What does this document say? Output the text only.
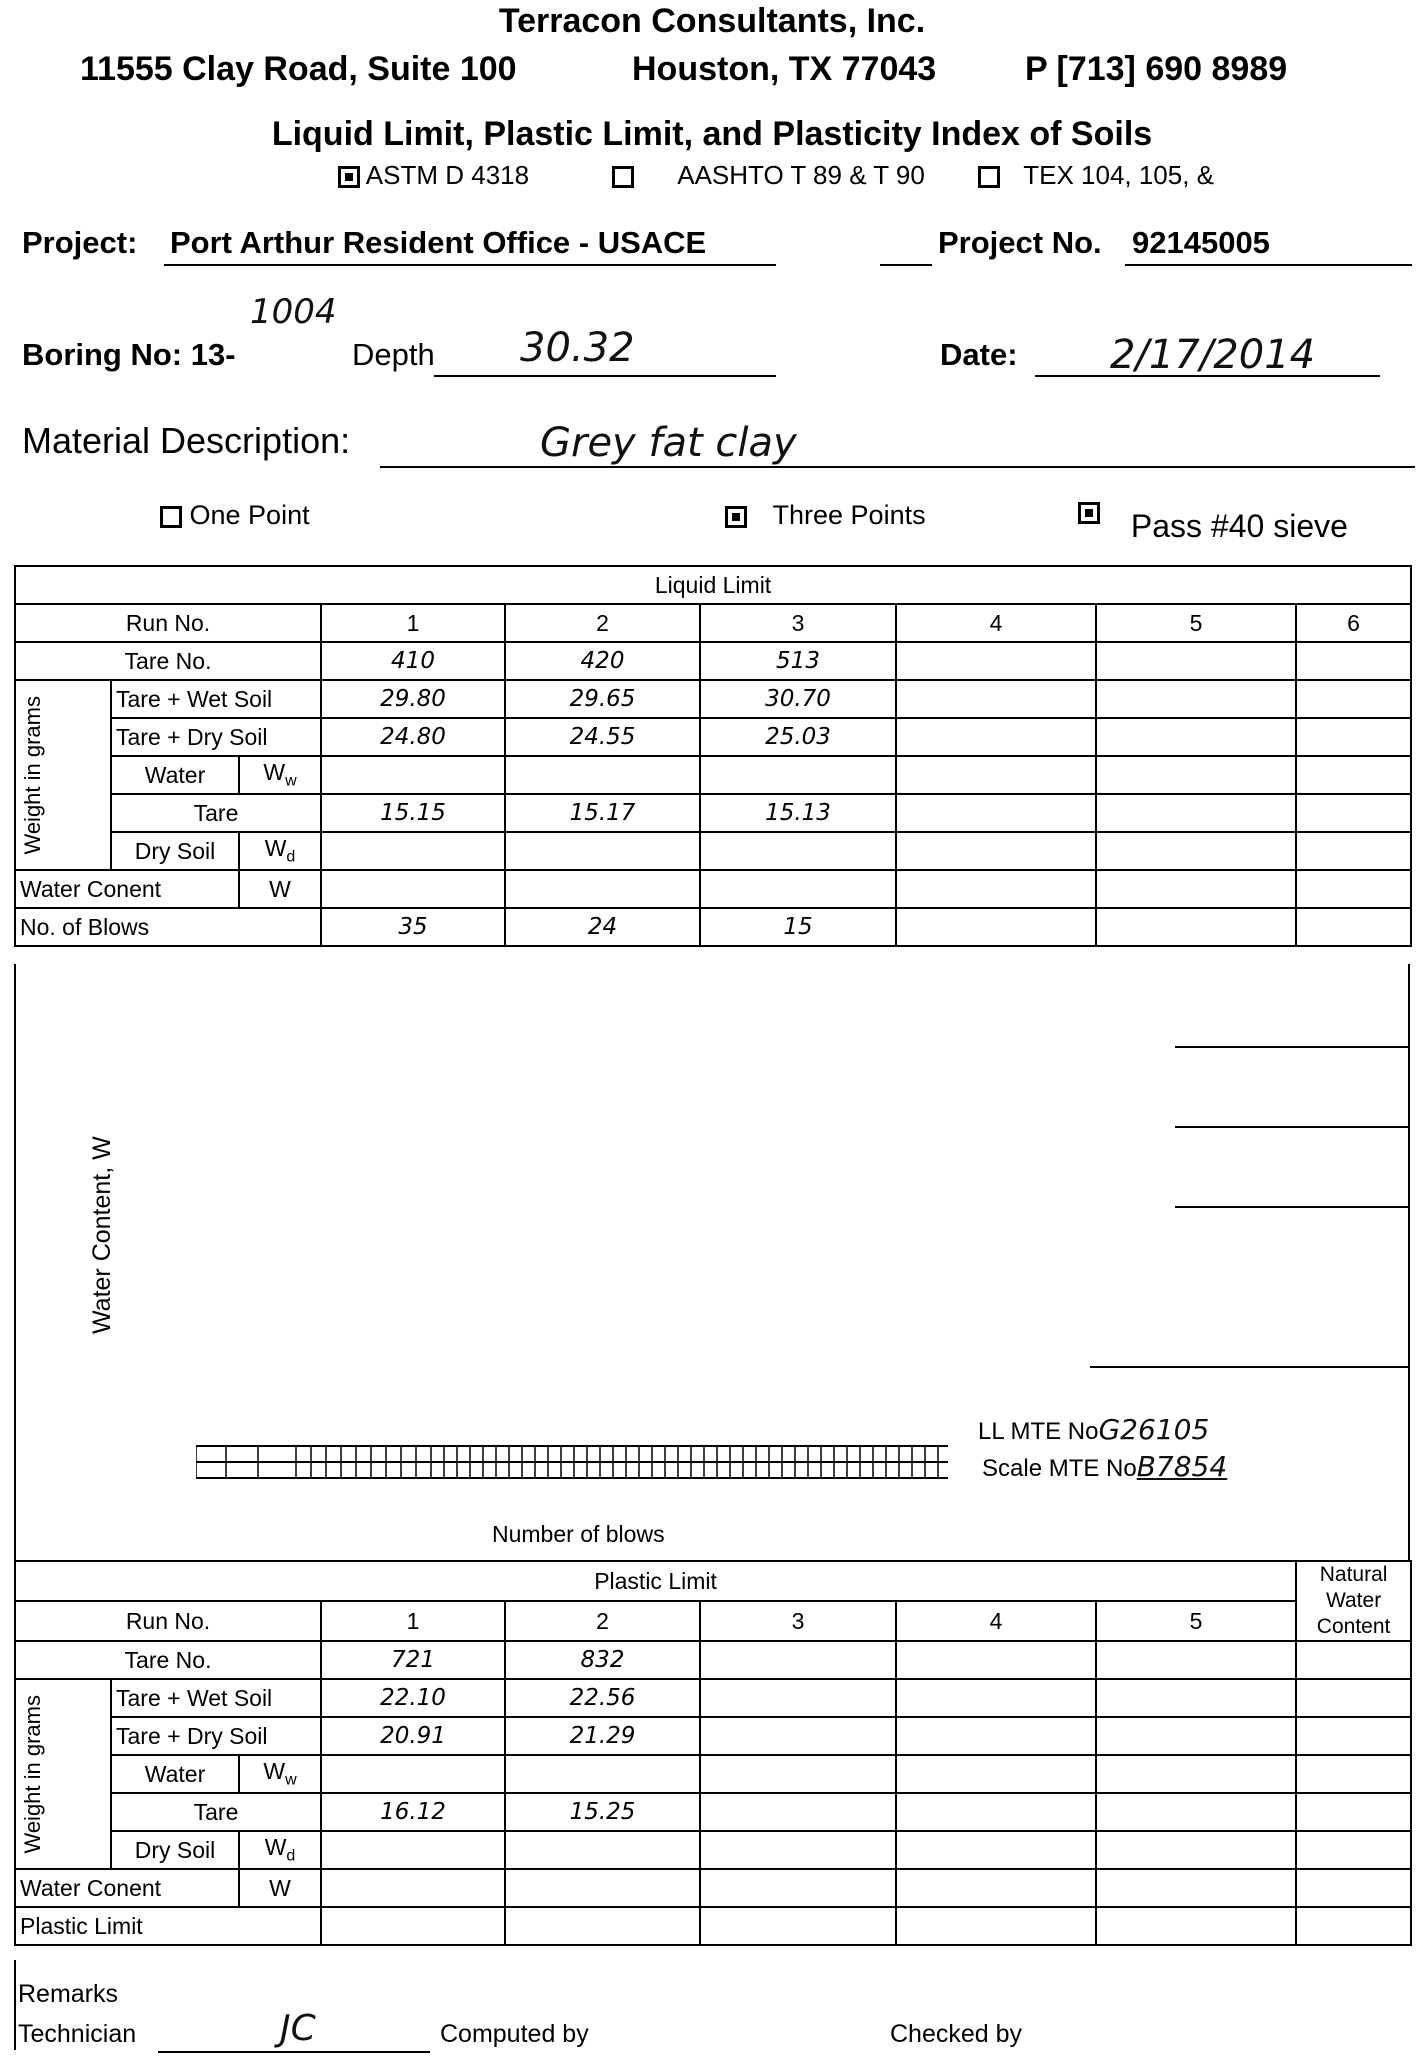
Terracon Consultants, Inc.
11555 Clay Road, Suite 100	Houston, TX 77043	P [713] 690 8989
Liquid Limit, Plastic Limit, and Plasticity Index of Soils
ASTM D 4318	AASHTO T 89 & T 90	TEX 104, 105, &
Project: Port Arthur Resident Office - USACE	Project No. 92145005
Boring No: 13-
1004
Depth 30.32	Date: 2/17/2014
Material Description:	Grey fat clay
One Point	Three Points	Pass #40 sieve
Liquid Limit								
Run No.			1	2	3	4	5	6
Tare No.			410	420	513			

Weight in grams	Tare + Wet Soil		29.80	29.65	30.70			
	Tare + Dry Soil		24.80	24.55	25.03			
	Water	$W_w$						
	Tare		15.15	15.17	15.13			
	Dry Soil	$W_d$						
Water Conent		W						
No. of Blows			35	24	15			
Water Content, W
LL MTE NoG26105
Scale MTE NoB7854
Number of blows
Plastic Limit								Natural Water Content
Run No.			1	2	3	4	5	
Tare No.			721	832				

Weight in grams	Tare + Wet Soil		22.10	22.56				
	Tare + Dry Soil		20.91	21.29				
	Water	$W_w$						
	Tare		16.12	15.25				
	Dry Soil	$W_d$						
Water Conent		W						
Plastic Limit								
Remarks
Technician	JC	Computed by	Checked by
